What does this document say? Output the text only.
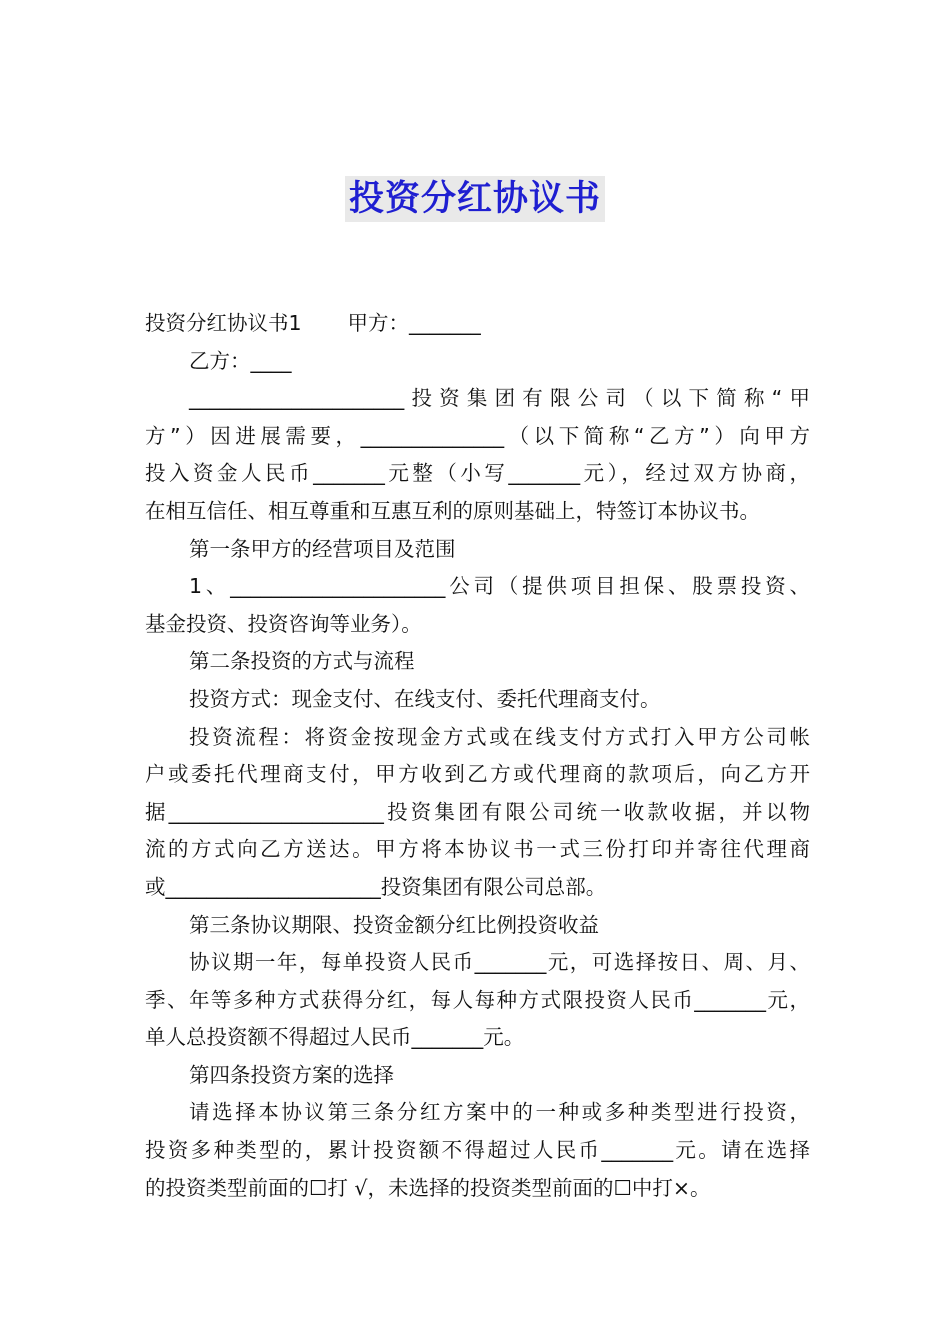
投资分红协议书
投资分红协议书1 甲方：_______
乙方：____
_____________________投资集团有限公司（以下简称“甲
方”）因进展需要，______________（以下简称“乙方”）向甲方
投入资金人民币_______元整（小写_______元），经过双方协商，
在相互信任、相互尊重和互惠互利的原则基础上，特签订本协议书。
第一条甲方的经营项目及范围
1、_____________________公司（提供项目担保、股票投资、
基金投资、投资咨询等业务）。
第二条投资的方式与流程
投资方式：现金支付、在线支付、委托代理商支付。
投资流程：将资金按现金方式或在线支付方式打入甲方公司帐
户或委托代理商支付，甲方收到乙方或代理商的款项后，向乙方开
据_____________________投资集团有限公司统一收款收据，并以物
流的方式向乙方送达。甲方将本协议书一式三份打印并寄往代理商
或_____________________投资集团有限公司总部。
第三条协议期限、投资金额分红比例投资收益
协议期一年，每单投资人民币_______元，可选择按日、周、月、
季、年等多种方式获得分红，每人每种方式限投资人民币_______元，
单人总投资额不得超过人民币_______元。
第四条投资方案的选择
请选择本协议第三条分红方案中的一种或多种类型进行投资，
投资多种类型的，累计投资额不得超过人民币_______元。请在选择
的投资类型前面的☐打 √，未选择的投资类型前面的☐中打×。
